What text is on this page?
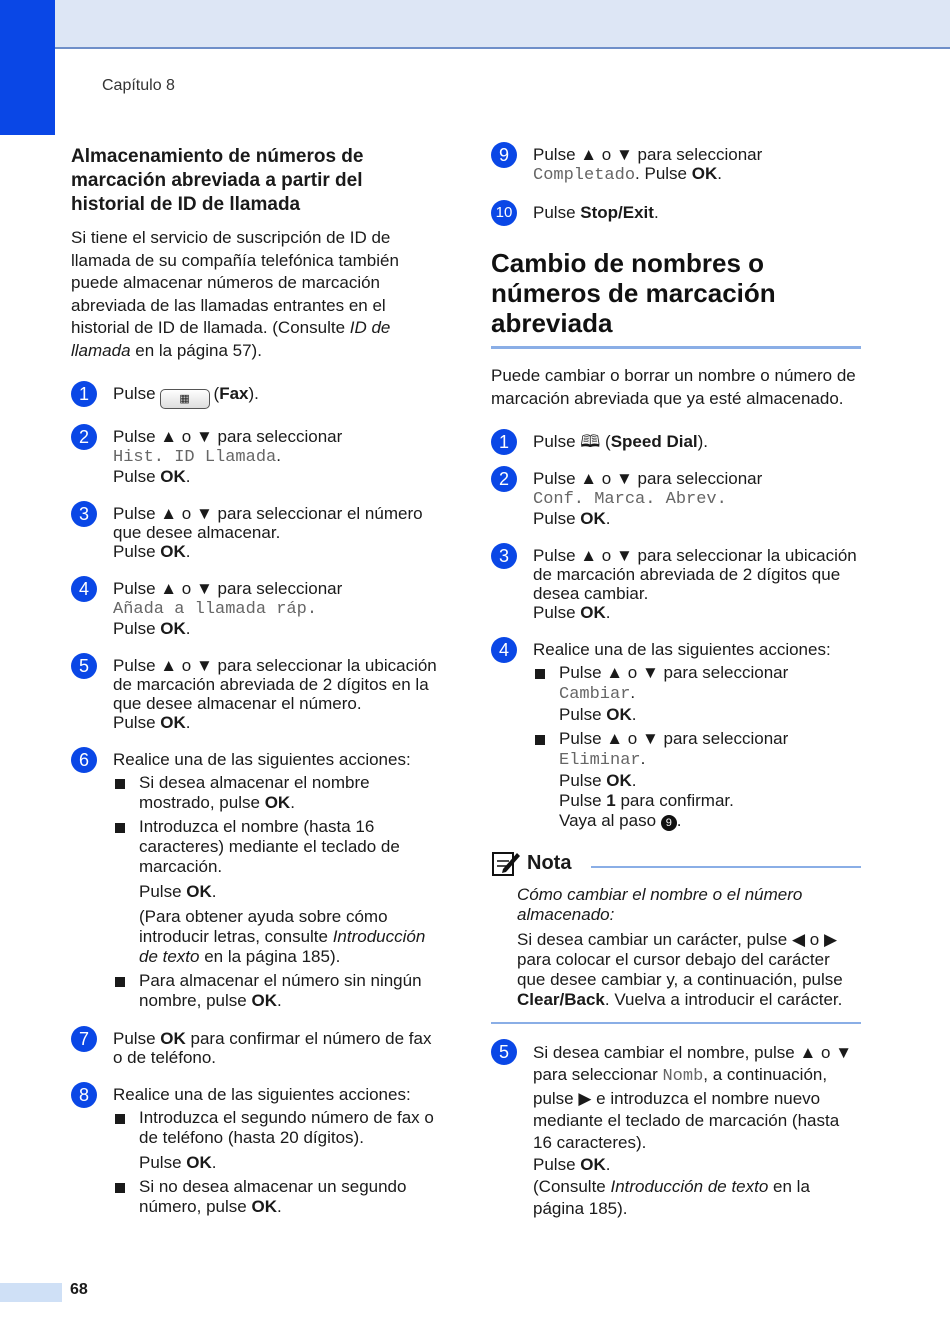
Capítulo 8
Almacenamiento de números de marcación abreviada a partir del historial de ID de llamada

Si tiene el servicio de suscripción de ID de llamada de su compañía telefónica también puede almacenar números de marcación abreviada de las llamadas entrantes en el historial de ID de llamada. (Consulte ID de llamada en la página 57).

1	Pulse ▦ (Fax).
2	Pulse ▲ o ▼ para seleccionar
Hist. ID Llamada.
Pulse OK.
3	Pulse ▲ o ▼ para seleccionar el número que desee almacenar.
Pulse OK.
4	Pulse ▲ o ▼ para seleccionar
Añada a llamada ráp.
Pulse OK.
5	Pulse ▲ o ▼ para seleccionar la ubicación de marcación abreviada de 2 dígitos en la que desee almacenar el número.
Pulse OK.
6	Realice una de las siguientes acciones:
Si desea almacenar el nombre mostrado, pulse OK.
Introduzca el nombre (hasta 16 caracteres) mediante el teclado de marcación.
Pulse OK.
(Para obtener ayuda sobre cómo introducir letras, consulte Introducción de texto en la página 185).
Para almacenar el número sin ningún nombre, pulse OK.
7	Pulse OK para confirmar el número de fax o de teléfono.
8	Realice una de las siguientes acciones:
Introduzca el segundo número de fax o de teléfono (hasta 20 dígitos).
Pulse OK.
Si no desea almacenar un segundo número, pulse OK.
9	Pulse ▲ o ▼ para seleccionar
Completado. Pulse OK.
10 Pulse Stop/Exit.
Cambio de nombres o números de marcación abreviada

Puede cambiar o borrar un nombre o número de marcación abreviada que ya esté almacenado.

1	Pulse 🕮 (Speed Dial).
2	Pulse ▲ o ▼ para seleccionar
Conf. Marca. Abrev.
Pulse OK.
3	Pulse ▲ o ▼ para seleccionar la ubicación de marcación abreviada de 2 dígitos que desea cambiar.
Pulse OK.
4	Realice una de las siguientes acciones:
Pulse ▲ o ▼ para seleccionar
Cambiar.
Pulse OK.
Pulse ▲ o ▼ para seleccionar
Eliminar.
Pulse OK.
Pulse 1 para confirmar.
Vaya al paso 9 .
Nota
Cómo cambiar el nombre o el número almacenado:
Si desea cambiar un carácter, pulse ◀ o ▶ para colocar el cursor debajo del carácter que desee cambiar y, a continuación, pulse Clear/Back. Vuelva a introducir el carácter.
5	Si desea cambiar el nombre, pulse ▲ o ▼ para seleccionar Nomb, a continuación, pulse ▶ e introduzca el nombre nuevo mediante el teclado de marcación (hasta 16 caracteres).
Pulse OK.
(Consulte Introducción de texto en la página 185).
68
